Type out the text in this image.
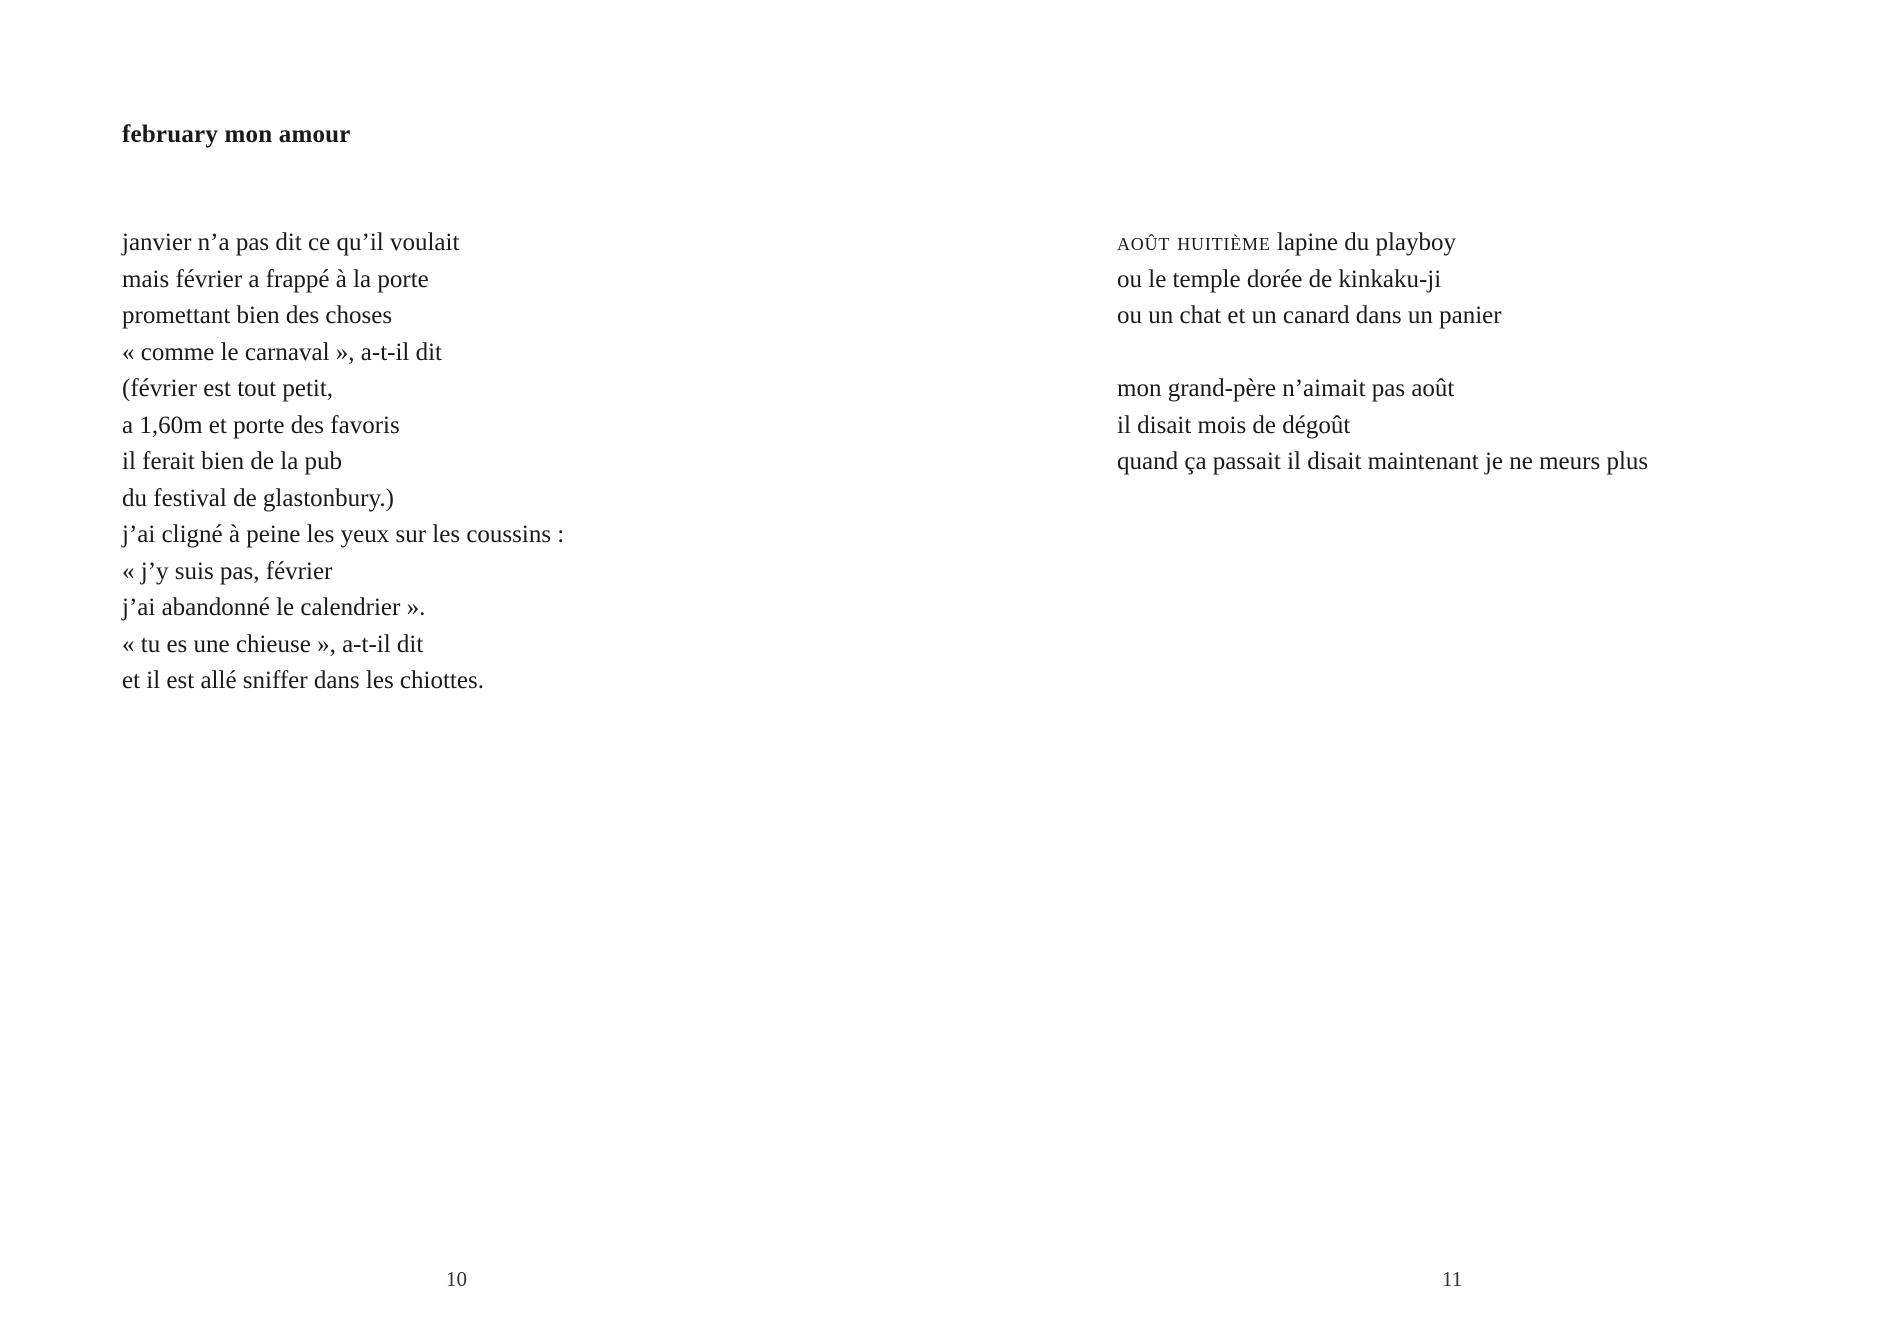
february mon amour
janvier n’a pas dit ce qu’il voulait
mais février a frappé à la porte
promettant bien des choses
« comme le carnaval », a-t-il dit
(février est tout petit,
a 1,60m et porte des favoris
il ferait bien de la pub
du festival de glastonbury.)
j’ai cligné à peine les yeux sur les coussins :
« j’y suis pas, février
j’ai abandonné le calendrier ».
« tu es une chieuse », a-t-il dit
et il est allé sniffer dans les chiottes.
10
août huitième lapine du playboy
ou le temple dorée de kinkaku-ji
ou un chat et un canard dans un panier
mon grand-père n’aimait pas août
il disait mois de dégoût
quand ça passait il disait maintenant je ne meurs plus
11
